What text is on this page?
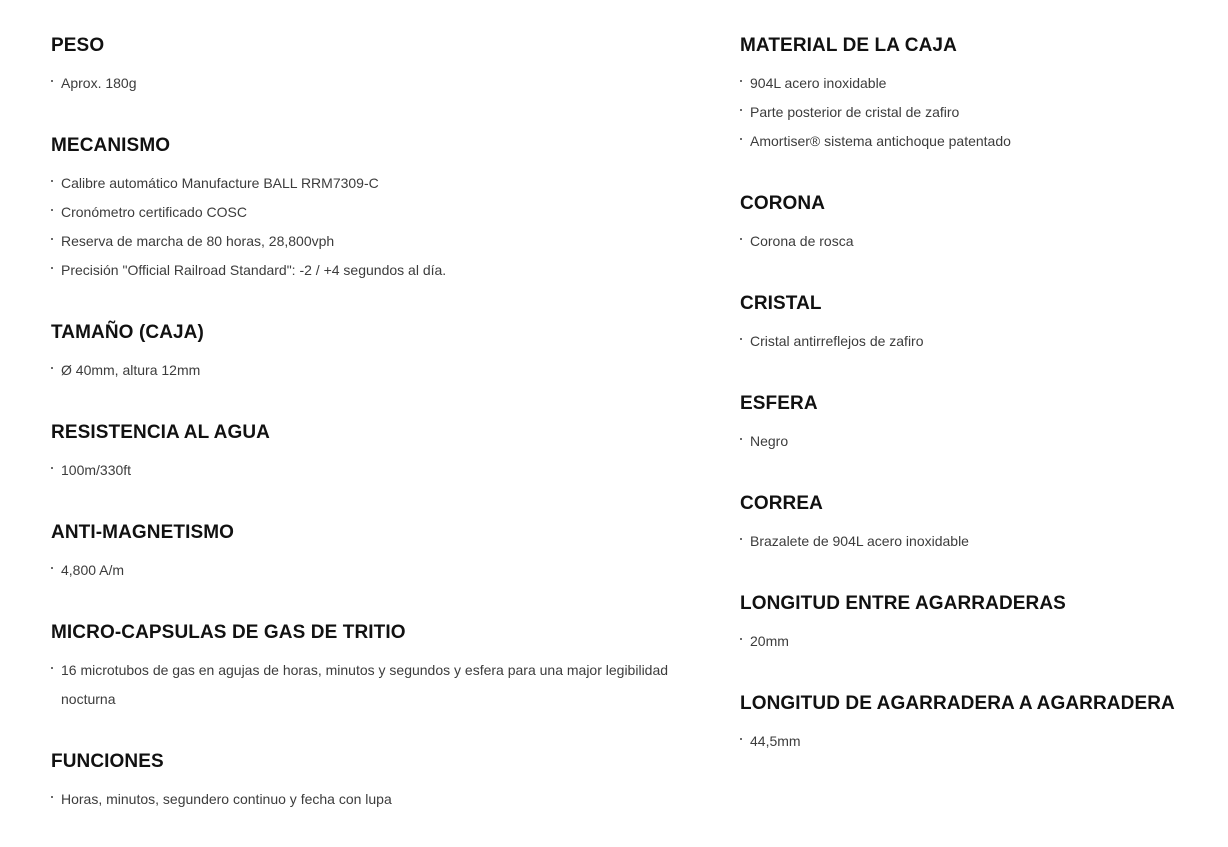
PESO
Aprox. 180g
MECANISMO
Calibre automático Manufacture BALL RRM7309-C
Cronómetro certificado COSC
Reserva de marcha de 80 horas, 28,800vph
Precisión "Official Railroad Standard": -2 / +4 segundos al día.
TAMAÑO (CAJA)
Ø 40mm, altura 12mm
RESISTENCIA AL AGUA
100m/330ft
ANTI-MAGNETISMO
4,800 A/m
MICRO-CAPSULAS DE GAS DE TRITIO
16 microtubos de gas en agujas de horas, minutos y segundos y esfera para una major legibilidad nocturna
FUNCIONES
Horas, minutos, segundero continuo y fecha con lupa
MATERIAL DE LA CAJA
904L acero inoxidable
Parte posterior de cristal de zafiro
Amortiser® sistema antichoque patentado
CORONA
Corona de rosca
CRISTAL
Cristal antirreflejos de zafiro
ESFERA
Negro
CORREA
Brazalete de 904L acero inoxidable
LONGITUD ENTRE AGARRADERAS
20mm
LONGITUD DE AGARRADERA A AGARRADERA
44,5mm
